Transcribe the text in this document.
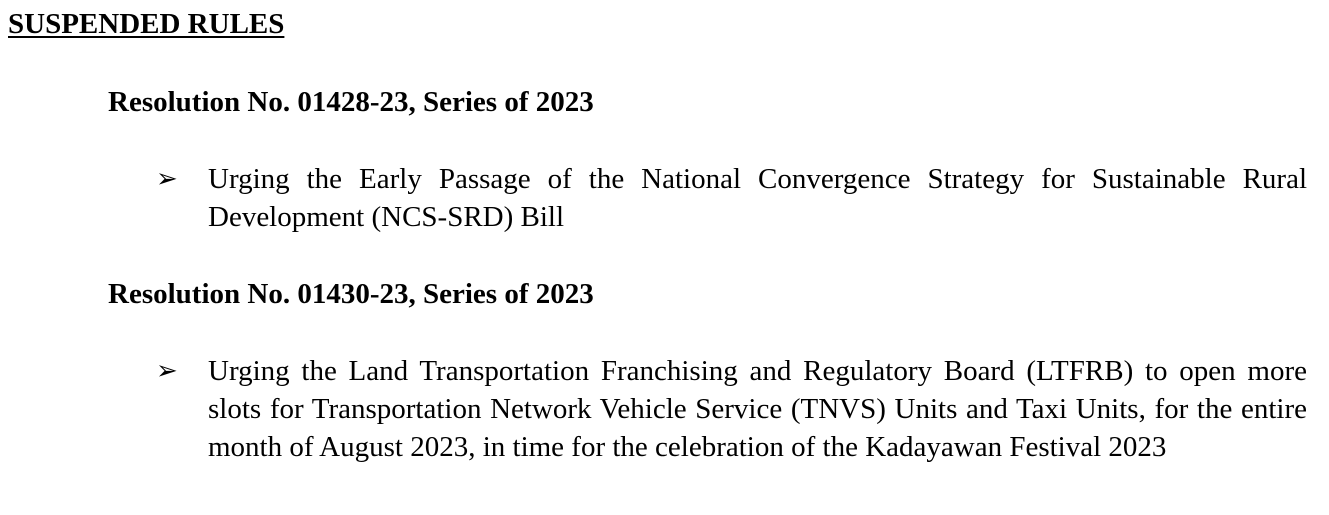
SUSPENDED RULES
Resolution No. 01428-23, Series of 2023
➢ Urging the Early Passage of the National Convergence Strategy for Sustainable Rural Development (NCS-SRD) Bill
Resolution No. 01430-23, Series of 2023
➢ Urging the Land Transportation Franchising and Regulatory Board (LTFRB) to open more slots for Transportation Network Vehicle Service (TNVS) Units and Taxi Units, for the entire month of August 2023, in time for the celebration of the Kadayawan Festival 2023
